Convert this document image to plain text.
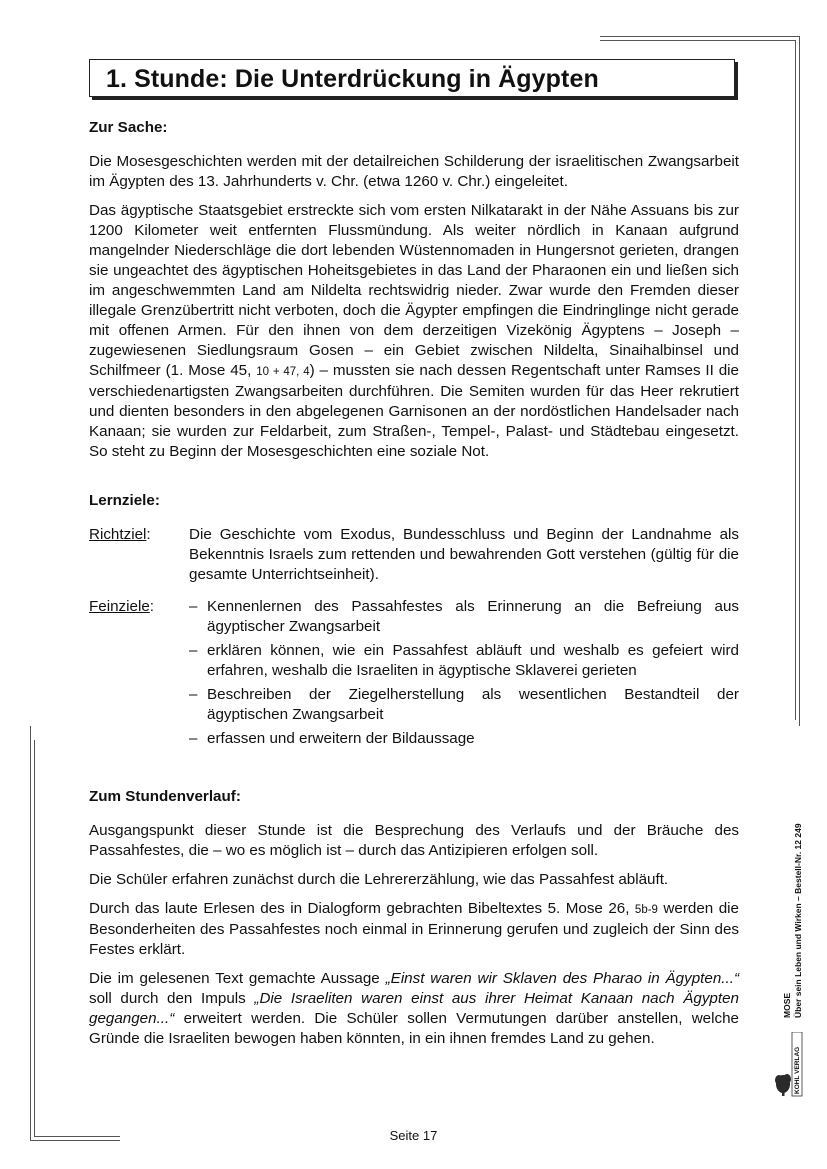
1. Stunde: Die Unterdrückung in Ägypten
Zur Sache:

Die Mosesgeschichten werden mit der detailreichen Schilderung der israelitischen Zwangsarbeit im Ägypten des 13. Jahrhunderts v. Chr. (etwa 1260 v. Chr.) eingeleitet.

Das ägyptische Staatsgebiet erstreckte sich vom ersten Nilkatarakt in der Nähe Assuans bis zur 1200 Kilometer weit entfernten Flussmündung. Als weiter nördlich in Kanaan aufgrund mangelnder Niederschläge die dort lebenden Wüstennomaden in Hungersnot gerieten, drangen sie ungeachtet des ägyptischen Hoheitsgebietes in das Land der Pharaonen ein und ließen sich im angeschwemmten Land am Nildelta rechtswidrig nieder. Zwar wurde den Fremden dieser illegale Grenzübertritt nicht verboten, doch die Ägypter empfingen die Eindringlinge nicht gerade mit offenen Armen. Für den ihnen von dem derzeitigen Vizekönig Ägyptens – Joseph – zugewiesenen Siedlungsraum Gosen – ein Gebiet zwischen Nildelta, Sinaihalbinsel und Schilfmeer (1. Mose 45, 10 + 47, 4) – mussten sie nach dessen Regentschaft unter Ramses II die verschiedenartigsten Zwangsarbeiten durchführen. Die Semiten wurden für das Heer rekrutiert und dienten besonders in den abgelegenen Garnisonen an der nordöstlichen Handelsader nach Kanaan; sie wurden zur Feldarbeit, zum Straßen-, Tempel-, Palast- und Städtebau eingesetzt. So steht zu Beginn der Mosesgeschichten eine soziale Not.

Lernziele:
Richtziel:	Die Geschichte vom Exodus, Bundesschluss und Beginn der Landnahme als Bekenntnis Israels zum rettenden und bewahrenden Gott verstehen (gültig für die gesamte Unterrichtseinheit).
Feinziele:	– Kennenlernen des Passahfestes als Erinnerung an die Befreiung aus ägyptischer Zwangsarbeit
– erklären können, wie ein Passahfest abläuft und weshalb es gefeiert wird erfahren, weshalb die Israeliten in ägyptische Sklaverei gerieten
– Beschreiben der Ziegelherstellung als wesentlichen Bestandteil der ägyptischen Zwangsarbeit
– erfassen und erweitern der Bildaussage
Zum Stundenverlauf:

Ausgangspunkt dieser Stunde ist die Besprechung des Verlaufs und der Bräuche des Passahfestes, die – wo es möglich ist – durch das Antizipieren erfolgen soll.

Die Schüler erfahren zunächst durch die Lehrererzählung, wie das Passahfest abläuft.

Durch das laute Erlesen des in Dialogform gebrachten Bibeltextes 5. Mose 26, 5b-9 werden die Besonderheiten des Passahfestes noch einmal in Erinnerung gerufen und zugleich der Sinn des Festes erklärt.

Die im gelesenen Text gemachte Aussage „Einst waren wir Sklaven des Pharao in Ägypten...“ soll durch den Impuls „Die Israeliten waren einst aus ihrer Heimat Kanaan nach Ägypten gegangen...“ erweitert werden. Die Schüler sollen Vermutungen darüber anstellen, welche Gründe die Israeliten bewogen haben könnten, in ein ihnen fremdes Land zu gehen.

MOSE Über sein Leben und Wirken – Bestell-Nr. 12 249
KOHL VERLAG
Seite 17
